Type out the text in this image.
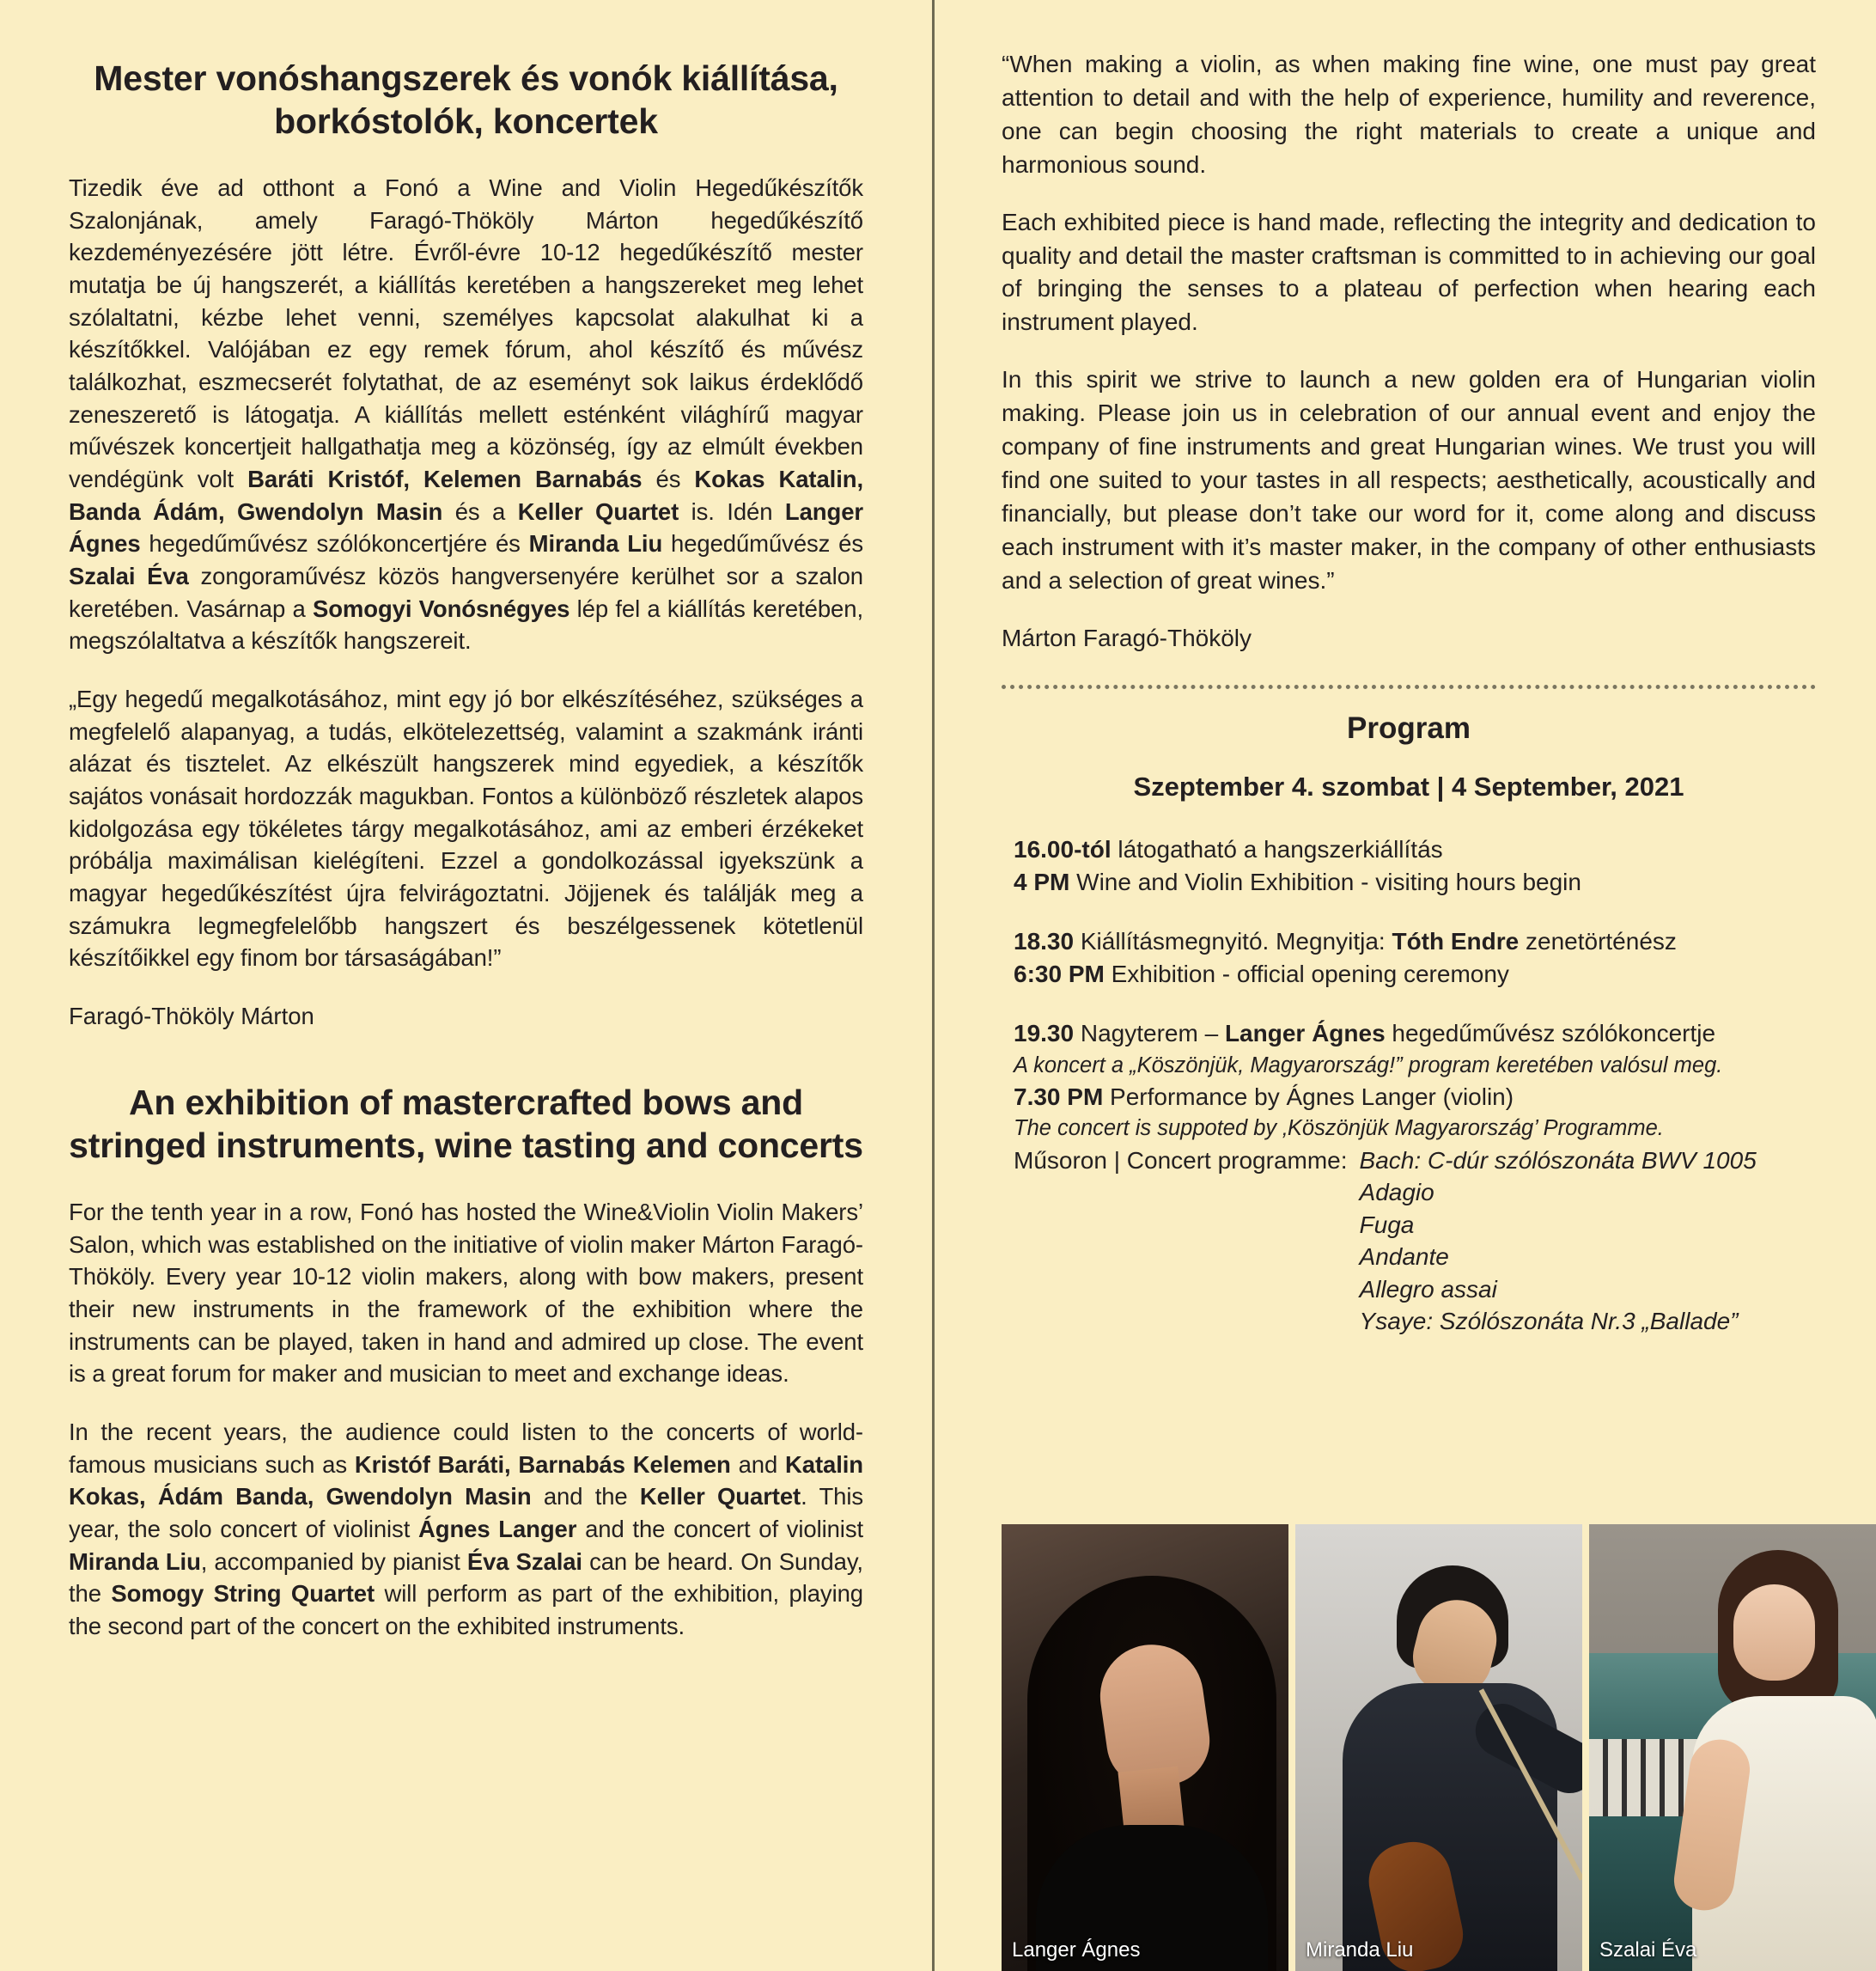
Mester vonóshangszerek és vonók kiállítása, borkóstolók, koncertek

Tizedik éve ad otthont a Fonó a Wine and Violin Hegedűkészítők Szalonjának, amely Faragó-Thököly Márton hegedűkészítő kezdeményezésére jött létre. Évről-évre 10-12 hegedűkészítő mester mutatja be új hangszerét, a kiállítás keretében a hangszereket meg lehet szólaltatni, kézbe lehet venni, személyes kapcsolat alakulhat ki a készítőkkel. Valójában ez egy remek fórum, ahol készítő és művész találkozhat, eszmecserét folytathat, de az eseményt sok laikus érdeklődő zeneszerető is látogatja. A kiállítás mellett esténként világhírű magyar művészek koncertjeit hallgathatja meg a közönség, így az elmúlt években vendégünk volt Baráti Kristóf, Kelemen Barnabás és Kokas Katalin, Banda Ádám, Gwendolyn Masin és a Keller Quartet is. Idén Langer Ágnes hegedűművész szólókoncertjére és Miranda Liu hegedűművész és Szalai Éva zongoraművész közös hangversenyére kerülhet sor a szalon keretében. Vasárnap a Somogyi Vonósnégyes lép fel a kiállítás keretében, megszólaltatva a készítők hangszereit.

„Egy hegedű megalkotásához, mint egy jó bor elkészítéséhez, szükséges a megfelelő alapanyag, a tudás, elkötelezettség, valamint a szakmánk iránti alázat és tisztelet. Az elkészült hangszerek mind egyediek, a készítők sajátos vonásait hordozzák magukban. Fontos a különböző részletek alapos kidolgozása egy tökéletes tárgy megalkotásához, ami az emberi érzékeket próbálja maximálisan kielégíteni. Ezzel a gondolkozással igyekszünk a magyar hegedűkészítést újra felvirágoztatni. Jöjjenek és találják meg a számukra legmegfelelőbb hangszert és beszélgessenek kötetlenül készítőikkel egy finom bor társaságában!”

Faragó-Thököly Márton

An exhibition of mastercrafted bows and stringed instruments, wine tasting and concerts

For the tenth year in a row, Fonó has hosted the Wine&Violin Violin Makers’ Salon, which was established on the initiative of violin maker Márton Faragó-Thököly. Every year 10-12 violin makers, along with bow makers, present their new instruments in the framework of the exhibition where the instruments can be played, taken in hand and admired up close. The event is a great forum for maker and musician to meet and exchange ideas.

In the recent years, the audience could listen to the concerts of world-famous musicians such as Kristóf Baráti, Barnabás Kelemen and Katalin Kokas, Ádám Banda, Gwendolyn Masin and the Keller Quartet. This year, the solo concert of violinist Ágnes Langer and the concert of violinist Miranda Liu, accompanied by pianist Éva Szalai can be heard. On Sunday, the Somogy String Quartet will perform as part of the exhibition, playing the second part of the concert on the exhibited instruments.

“When making a violin, as when making fine wine, one must pay great attention to detail and with the help of experience, humility and reverence, one can begin choosing the right materials to create a unique and harmonious sound.

Each exhibited piece is hand made, reflecting the integrity and dedication to quality and detail the master craftsman is committed to in achieving our goal of bringing the senses to a plateau of perfection when hearing each instrument played.

In this spirit we strive to launch a new golden era of Hungarian violin making. Please join us in celebration of our annual event and enjoy the company of fine instruments and great Hungarian wines. We trust you will find one suited to your tastes in all respects; aesthetically, acoustically and financially, but please don’t take our word for it, come along and discuss each instrument with it’s master maker, in the company of other enthusiasts and a selection of great wines.”

Márton Faragó-Thököly

Program
Szeptember 4. szombat | 4 September, 2021
16.00-tól látogatható a hangszerkiállítás
4 PM Wine and Violin Exhibition - visiting hours begin
18.30 Kiállításmegnyitó. Megnyitja: Tóth Endre zenetörténész
6:30 PM Exhibition - official opening ceremony
19.30 Nagyterem – Langer Ágnes hegedűművész szólókoncertje
A koncert a „Köszönjük, Magyarország!” program keretében valósul meg.
7.30 PM Performance by Ágnes Langer (violin)
The concert is suppoted by ‚Köszönjük Magyarország’ Programme.
Műsoron | Concert programme: Bach: C-dúr szólószonáta BWV 1005
Adagio
Fuga
Andante
Allegro assai
Ysaye: Szólószonáta Nr.3 „Ballade”
Langer Ágnes	Miranda Liu	Szalai Éva
